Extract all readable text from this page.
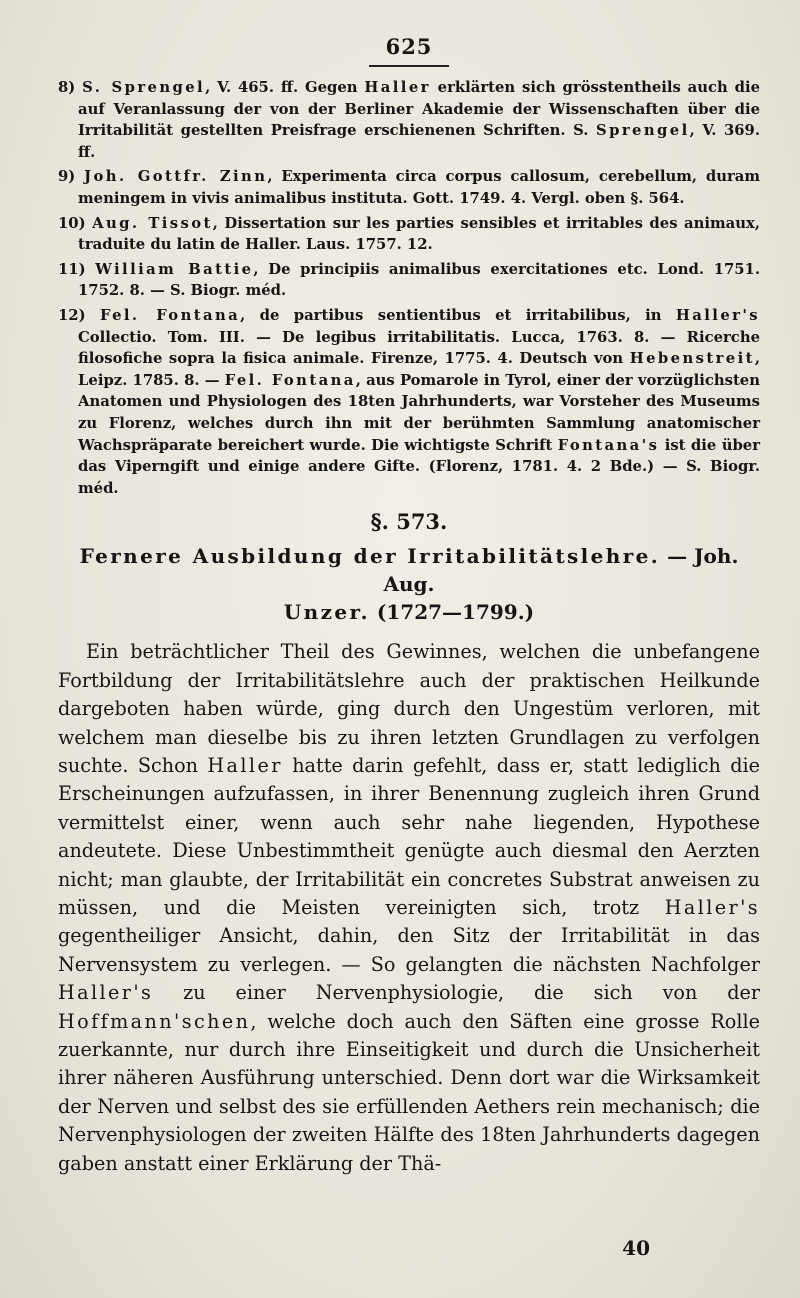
625

8) S. Sprengel, V. 465. ff. Gegen Haller erklärten sich grösstentheils auch die auf Veranlassung der von der Berliner Akademie der Wissenschaften über die Irritabilität gestellten Preisfrage erschienenen Schriften. S. Sprengel, V. 369. ff.

9) Joh. Gottfr. Zinn, Experimenta circa corpus callosum, cerebellum, duram meningem in vivis animalibus instituta. Gott. 1749. 4. Vergl. oben §. 564.

10) Aug. Tissot, Dissertation sur les parties sensibles et irritables des animaux, traduite du latin de Haller. Laus. 1757. 12.

11) William Battie, De principiis animalibus exercitationes etc. Lond. 1751. 1752. 8. — S. Biogr. méd.

12) Fel. Fontana, de partibus sentientibus et irritabilibus, in Haller's Collectio. Tom. III. — De legibus irritabilitatis. Lucca, 1763. 8. — Ricerche filosofiche sopra la fisica animale. Firenze, 1775. 4. Deutsch von Hebenstreit, Leipz. 1785. 8. — Fel. Fontana, aus Pomarole in Tyrol, einer der vorzüglichsten Anatomen und Physiologen des 18ten Jahrhunderts, war Vorsteher des Museums zu Florenz, welches durch ihn mit der berühmten Sammlung anatomischer Wachspräparate bereichert wurde. Die wichtigste Schrift Fontana's ist die über das Viperngift und einige andere Gifte. (Florenz, 1781. 4. 2 Bde.) — S. Biogr. méd.

§. 573.
Fernere Ausbildung der Irritabilitätslehre. — Joh. Aug.
Unzer. (1727—1799.)

Ein beträchtlicher Theil des Gewinnes, welchen die unbefangene Fortbildung der Irritabilitätslehre auch der praktischen Heilkunde dargeboten haben würde, ging durch den Ungestüm verloren, mit welchem man dieselbe bis zu ihren letzten Grundlagen zu verfolgen suchte. Schon Haller hatte darin gefehlt, dass er, statt lediglich die Erscheinungen aufzufassen, in ihrer Benennung zugleich ihren Grund vermittelst einer, wenn auch sehr nahe liegenden, Hypothese andeutete. Diese Unbestimmtheit genügte auch diesmal den Aerzten nicht; man glaubte, der Irritabilität ein concretes Substrat anweisen zu müssen, und die Meisten vereinigten sich, trotz Haller's gegentheiliger Ansicht, dahin, den Sitz der Irritabilität in das Nervensystem zu verlegen. — So gelangten die nächsten Nachfolger Haller's zu einer Nervenphysiologie, die sich von der Hoffmann'schen, welche doch auch den Säften eine grosse Rolle zuerkannte, nur durch ihre Einseitigkeit und durch die Unsicherheit ihrer näheren Ausführung unterschied. Denn dort war die Wirksamkeit der Nerven und selbst des sie erfüllenden Aethers rein mechanisch; die Nervenphysiologen der zweiten Hälfte des 18ten Jahrhunderts dagegen gaben anstatt einer Erklärung der Thä-

40
